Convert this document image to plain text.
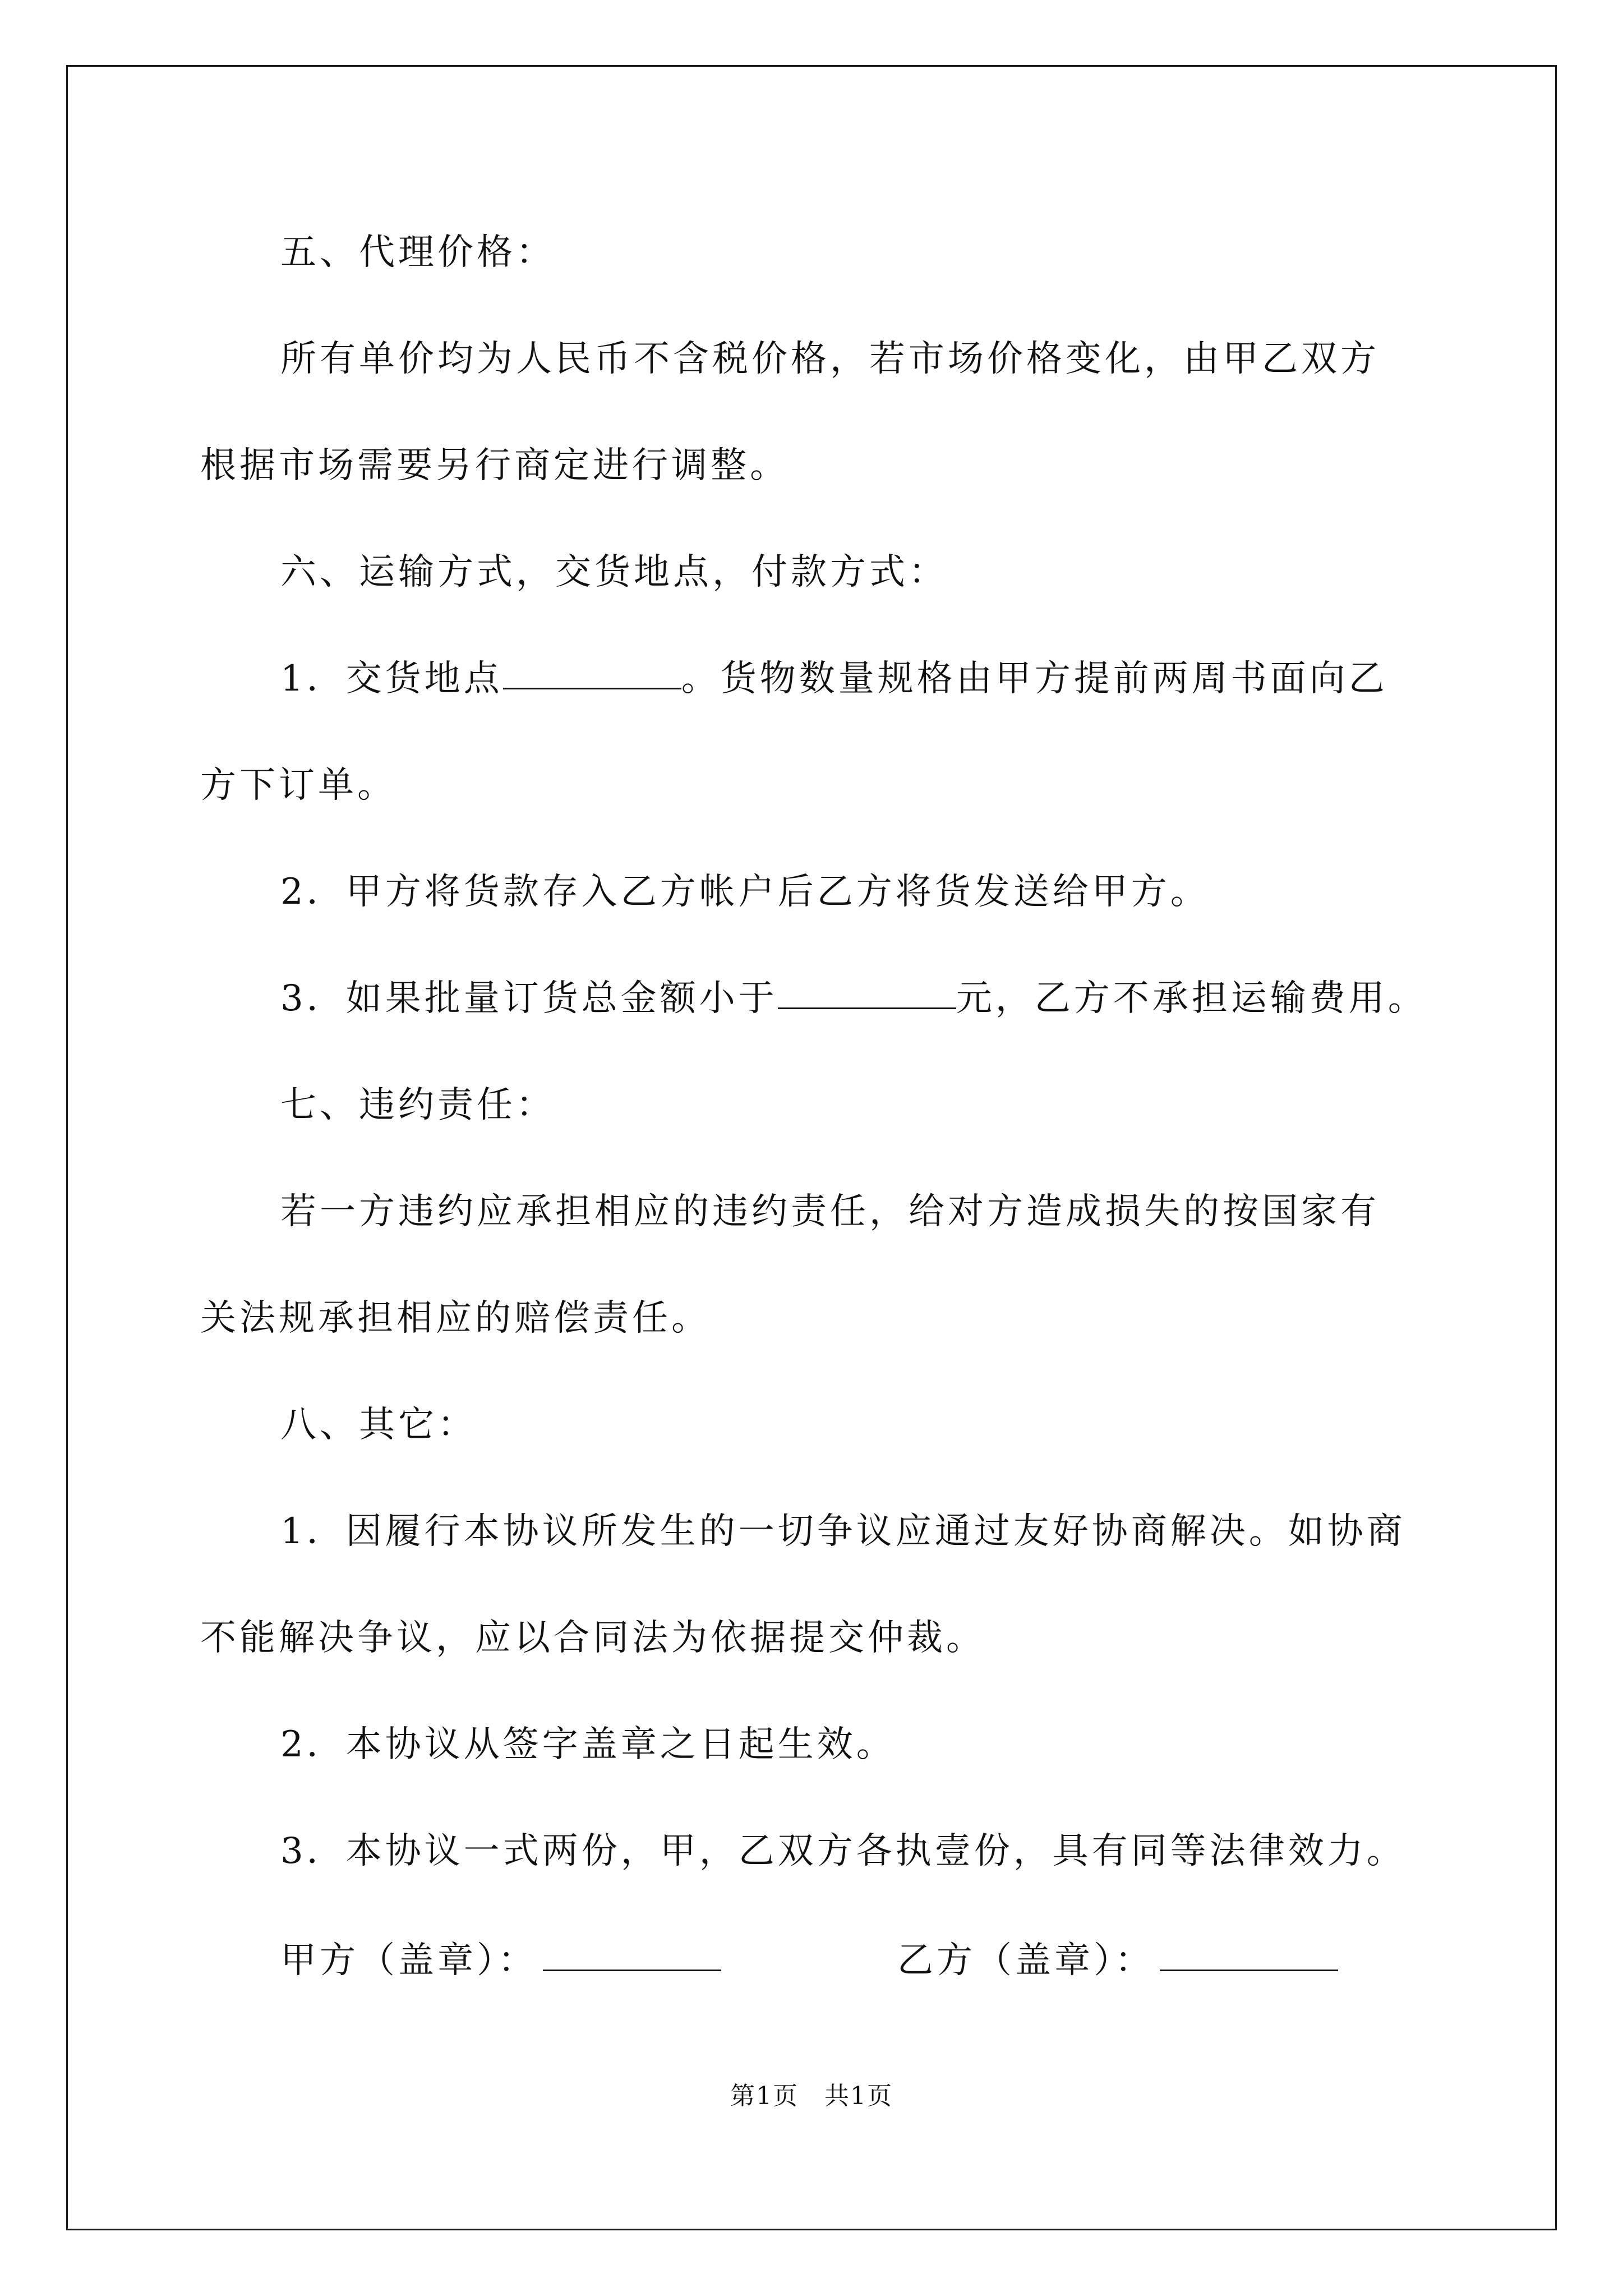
五、代理价格：

所有单价均为人民币不含税价格，若市场价格变化，由甲乙双方

根据市场需要另行商定进行调整。

六、运输方式，交货地点，付款方式：

1．交货地点	。货物数量规格由甲方提前两周书面向乙

方下订单。

2．甲方将货款存入乙方帐户后乙方将货发送给甲方。

3．如果批量订货总金额小于	元，乙方不承担运输费用。

七、违约责任：

若一方违约应承担相应的违约责任，给对方造成损失的按国家有

关法规承担相应的赔偿责任。

八、其它：

1．因履行本协议所发生的一切争议应通过友好协商解决。如协商

不能解决争议，应以合同法为依据提交仲裁。

2．本协议从签字盖章之日起生效。

3．本协议一式两份，甲，乙双方各执壹份，具有同等法律效力。

甲方（盖章）：	乙方（盖章）：
第1页　共1页
